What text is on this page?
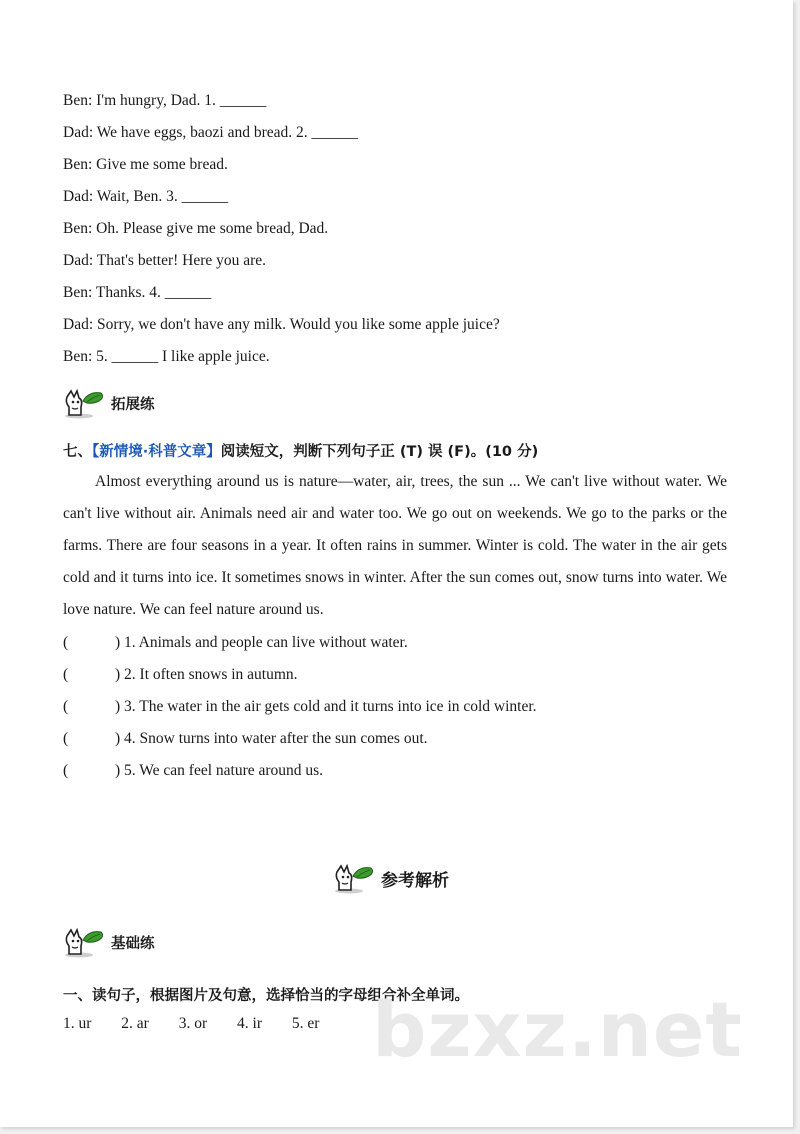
Ben: I'm hungry, Dad. 1. ______
Dad: We have eggs, baozi and bread. 2. ______
Ben: Give me some bread.
Dad: Wait, Ben. 3. ______
Ben: Oh. Please give me some bread, Dad.
Dad: That's better! Here you are.
Ben: Thanks. 4. ______
Dad: Sorry, we don't have any milk. Would you like some apple juice?
Ben: 5. ______ I like apple juice.
拓展练
七、【新情境·科普文章】阅读短文，判断下列句子正 (T) 误 (F)。(10 分)
Almost everything around us is nature—water, air, trees, the sun ... We can't live without water. We can't live without air. Animals need air and water too. We go out on weekends. We go to the parks or the farms. There are four seasons in a year. It often rains in summer. Winter is cold. The water in the air gets cold and it turns into ice. It sometimes snows in winter. After the sun comes out, snow turns into water. We love nature. We can feel nature around us.
(	) 1. Animals and people can live without water.
(	) 2. It often snows in autumn.
(	) 3. The water in the air gets cold and it turns into ice in cold winter.
(	) 4. Snow turns into water after the sun comes out.
(	) 5. We can feel nature around us.
参考解析
基础练
一、读句子，根据图片及句意，选择恰当的字母组合补全单词。
bzxz.net
1. ur 2. ar 3. or 4. ir 5. er
